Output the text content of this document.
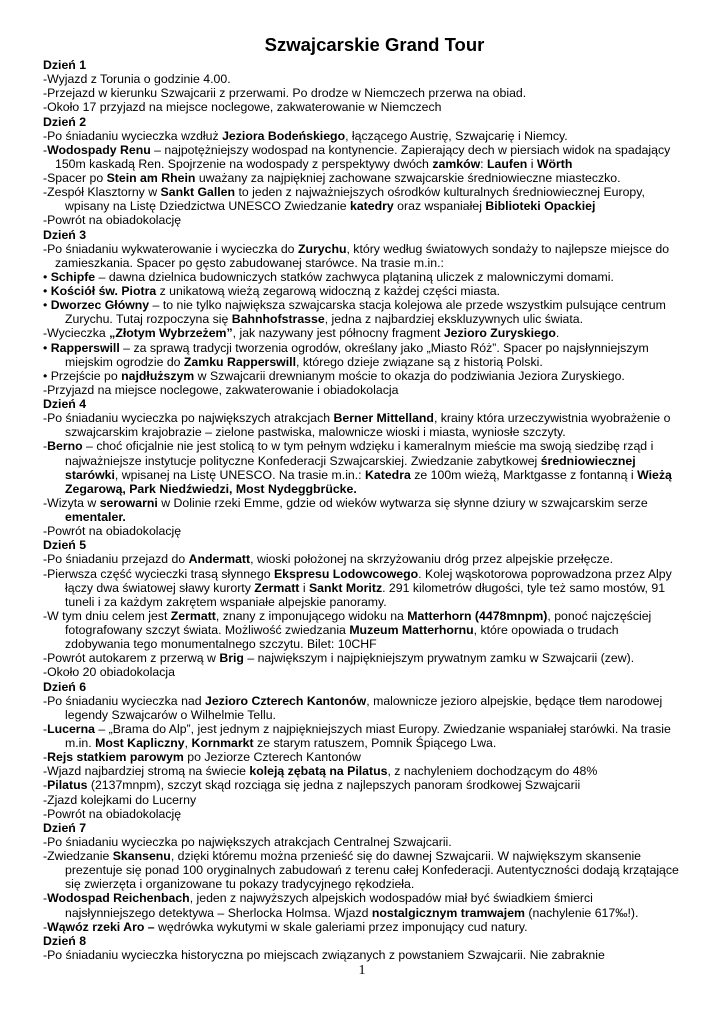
Szwajcarskie Grand Tour
Dzień 1
-Wyjazd z Torunia o godzinie 4.00.
-Przejazd w kierunku Szwajcarii z przerwami. Po drodze w Niemczech przerwa na obiad.
-Około 17 przyjazd na miejsce noclegowe, zakwaterowanie w Niemczech
Dzień 2
-Po śniadaniu wycieczka wzdłuż Jeziora Bodeńskiego, łączącego Austrię, Szwajcarię i Niemcy.
-Wodospady Renu – najpotężniejszy wodospad na kontynencie. Zapierający dech w piersiach widok na spadający 150m kaskadą Ren. Spojrzenie na wodospady z perspektywy dwóch zamków: Laufen i Wörth
-Spacer po Stein am Rhein uważany za najpiękniej zachowane szwajcarskie średniowieczne miasteczko.
-Zespół Klasztorny w Sankt Gallen to jeden z najważniejszych ośrodków kulturalnych średniowiecznej Europy, wpisany na Listę Dziedzictwa UNESCO Zwiedzanie katedry oraz wspaniałej Biblioteki Opackiej
-Powrót na obiadokolację
Dzień 3
-Po śniadaniu wykwaterowanie i wycieczka do Zurychu, który według światowych sondaży to najlepsze miejsce do zamieszkania. Spacer po gęsto zabudowanej starówce. Na trasie m.in.:
• Schipfe – dawna dzielnica budowniczych statków zachwyca plątaniną uliczek z malowniczymi domami.
• Kościół św. Piotra z unikatową wieżą zegarową widoczną z każdej części miasta.
• Dworzec Główny – to nie tylko największa szwajcarska stacja kolejowa ale przede wszystkim pulsujące centrum Zurychu. Tutaj rozpoczyna się Bahnhofstrasse, jedna z najbardziej ekskluzywnych ulic świata.
-Wycieczka „Złotym Wybrzeżem”, jak nazywany jest północny fragment Jezioro Zuryskiego.
• Rapperswill – za sprawą tradycji tworzenia ogrodów, określany jako „Miasto Róż”. Spacer po najsłynniejszym miejskim ogrodzie do Zamku Rapperswill, którego dzieje związane są z historią Polski.
• Przejście po najdłuższym w Szwajcarii drewnianym moście to okazja do podziwiania Jeziora Zuryskiego.
-Przyjazd na miejsce noclegowe, zakwaterowanie i obiadokolacja
Dzień 4
-Po śniadaniu wycieczka po największych atrakcjach Berner Mittelland, krainy która urzeczywistnia wyobrażenie o szwajcarskim krajobrazie – zielone pastwiska, malownicze wioski i miasta, wyniosłe szczyty.
-Berno – choć oficjalnie nie jest stolicą to w tym pełnym wdzięku i kameralnym mieście ma swoją siedzibę rząd i najważniejsze instytucje polityczne Konfederacji Szwajcarskiej. Zwiedzanie zabytkowej średniowiecznej starówki, wpisanej na Listę UNESCO. Na trasie m.in.: Katedra ze 100m wieżą, Marktgasse z fontanną i Wieżą Zegarową, Park Niedźwiedzi, Most Nydeggbrücke.
-Wizyta w serowarni w Dolinie rzeki Emme, gdzie od wieków wytwarza się słynne dziury w szwajcarskim serze ementaler.
-Powrót na obiadokolację
Dzień 5
-Po śniadaniu przejazd do Andermatt, wioski położonej na skrzyżowaniu dróg przez alpejskie przełęcze.
-Pierwsza część wycieczki trasą słynnego Ekspresu Lodowcowego. Kolej wąskotorowa poprowadzona przez Alpy łączy dwa światowej sławy kurorty Zermatt i Sankt Moritz. 291 kilometrów długości, tyle też samo mostów, 91 tuneli i za każdym zakrętem wspaniałe alpejskie panoramy.
-W tym dniu celem jest Zermatt, znany z imponującego widoku na Matterhorn (4478mnpm), ponoć najczęściej fotografowany szczyt świata. Możliwość zwiedzania Muzeum Matterhornu, które opowiada o trudach zdobywania tego monumentalnego szczytu. Bilet: 10CHF
-Powrót autokarem z przerwą w Brig – największym i najpiękniejszym prywatnym zamku w Szwajcarii (zew).
-Około 20 obiadokolacja
Dzień 6
-Po śniadaniu wycieczka nad Jezioro Czterech Kantonów, malownicze jezioro alpejskie, będące tłem narodowej legendy Szwajcarów o Wilhelmie Tellu.
-Lucerna – „Brama do Alp”, jest jednym z najpiękniejszych miast Europy. Zwiedzanie wspaniałej starówki. Na trasie m.in. Most Kapliczny, Kornmarkt ze starym ratuszem, Pomnik Śpiącego Lwa.
-Rejs statkiem parowym po Jeziorze Czterech Kantonów
-Wjazd najbardziej stromą na świecie koleją zębatą na Pilatus, z nachyleniem dochodzącym do 48%
-Pilatus (2137mnpm), szczyt skąd rozciąga się jedna z najlepszych panoram środkowej Szwajcarii
-Zjazd kolejkami do Lucerny
-Powrót na obiadokolację
Dzień 7
-Po śniadaniu wycieczka po największych atrakcjach Centralnej Szwajcarii.
-Zwiedzanie Skansenu, dzięki któremu można przenieść się do dawnej Szwajcarii. W największym skansenie prezentuje się ponad 100 oryginalnych zabudowań z terenu całej Konfederacji. Autentyczności dodają krzątające się zwierzęta i organizowane tu pokazy tradycyjnego rękodzieła.
-Wodospad Reichenbach, jeden z najwyższych alpejskich wodospadów miał być świadkiem śmierci najsłynniejszego detektywa – Sherlocka Holmsa. Wjazd nostalgicznym tramwajem (nachylenie 617‰!).
-Wąwóz rzeki Aro – wędrówka wykutymi w skale galeriami przez imponujący cud natury.
Dzień 8
-Po śniadaniu wycieczka historyczna po miejscach związanych z powstaniem Szwajcarii. Nie zabraknie
1
